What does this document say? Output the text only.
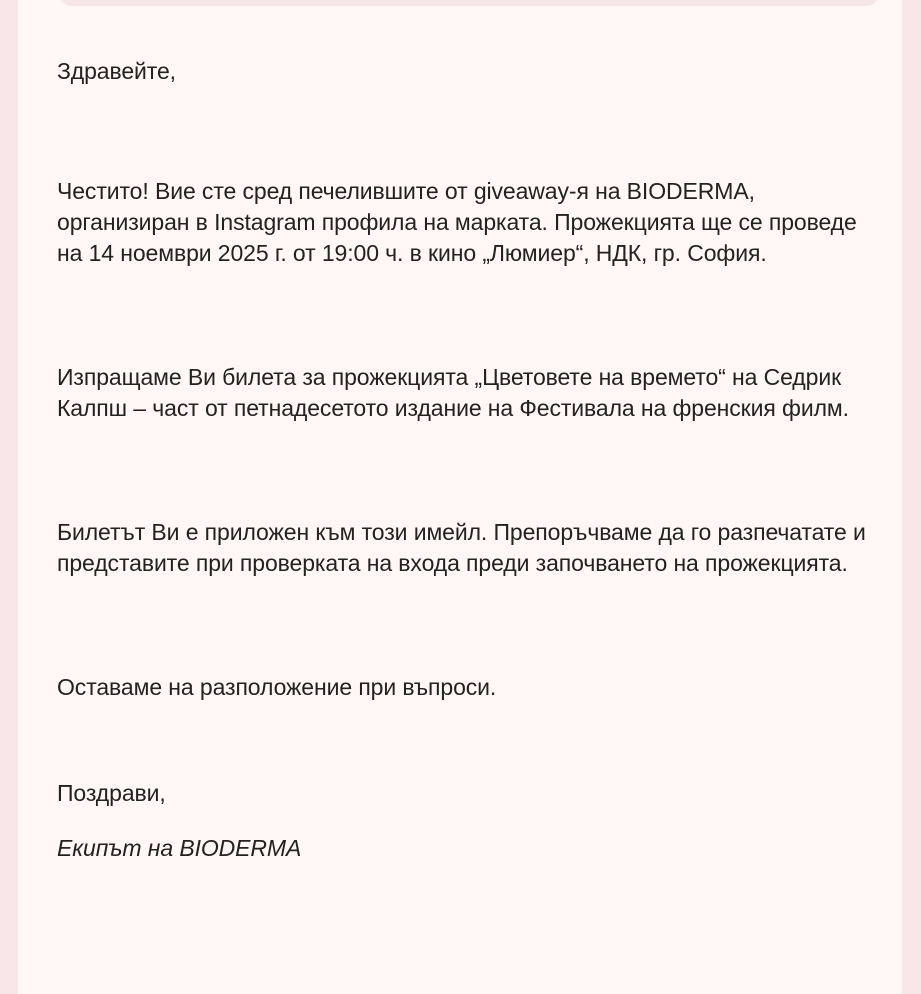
Здравейте,

Честито! Вие сте сред печелившите от giveaway-я на BIODERMA, организиран в Instagram профила на марката. Прожекцията ще се проведе на 14 ноември 2025 г. от 19:00 ч. в кино „Люмиер“, НДК, гр. София.

Изпращаме Ви билета за прожекцията „Цветовете на времето“ на Седрик Калпш – част от петнадесетото издание на Фестивала на френския филм.

Билетът Ви е приложен към този имейл. Препоръчваме да го разпечатате и представите при проверката на входа преди започването на прожекцията.

Оставаме на разположение при въпроси.

Поздрави,

Екипът на BIODERMA
